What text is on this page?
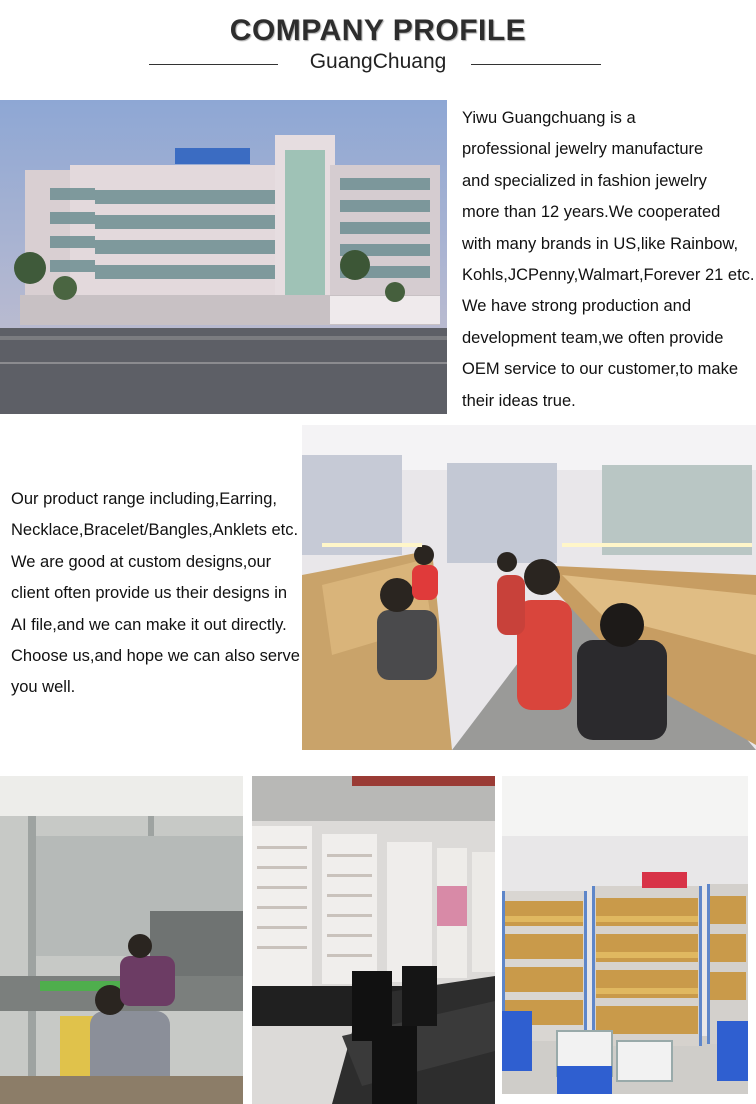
COMPANY PROFILE
GuangChuang
Yiwu Guangchuang is a
professional jewelry manufacture
and specialized in fashion jewelry
more than 12 years.We cooperated
with many brands in US,like Rainbow,
Kohls,JCPenny,Walmart,Forever 21 etc.
We have strong production and
development team,we often provide
OEM service to our customer,to make
their ideas true.
Our product range including,Earring,
Necklace,Bracelet/Bangles,Anklets etc.
We are good at custom designs,our
client often provide us their designs in
AI file,and we can make it out directly.
Choose us,and hope we can also serve
you well.
